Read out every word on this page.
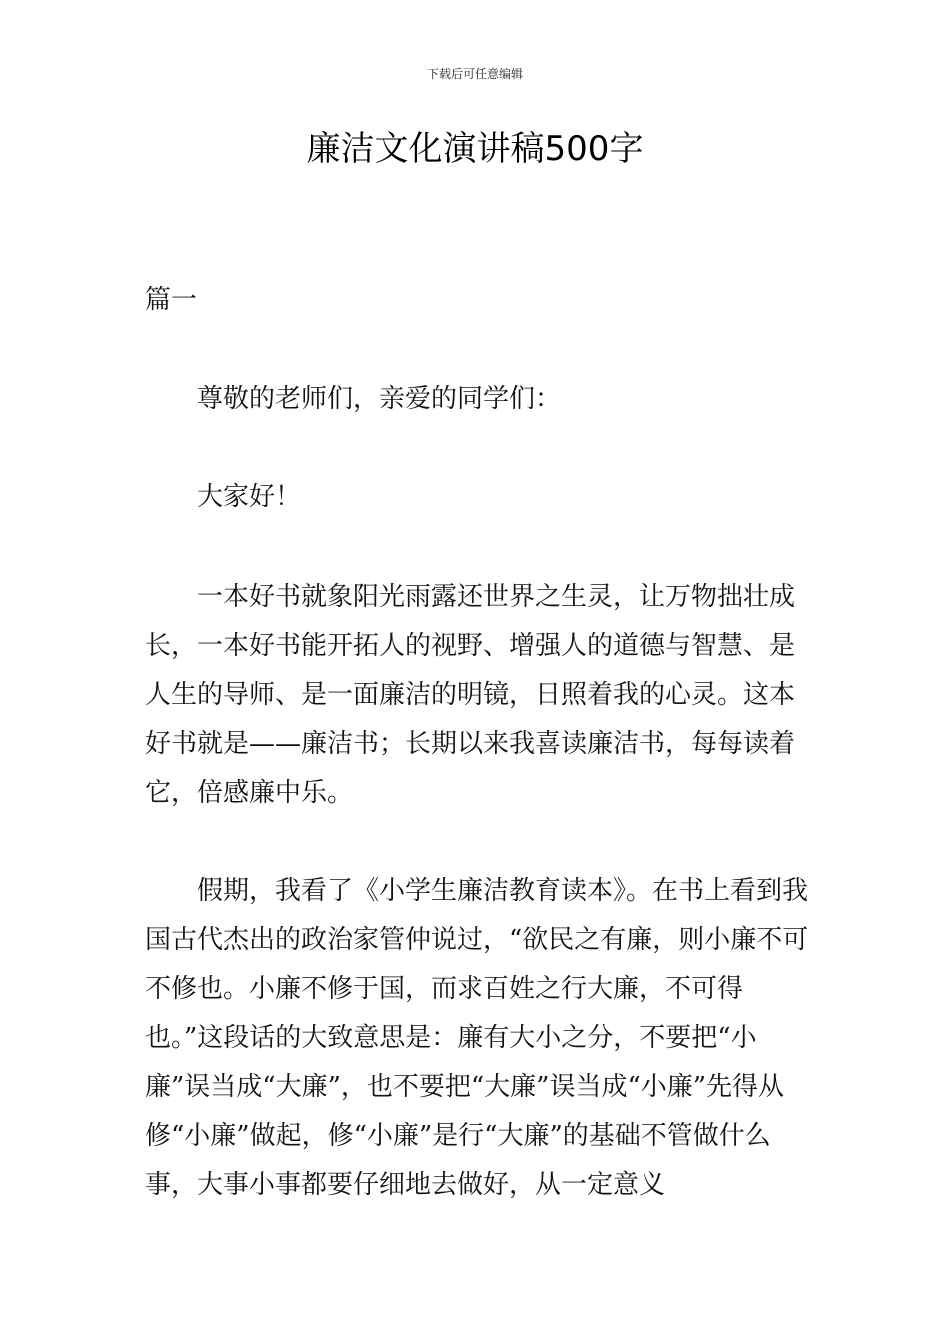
下载后可任意编辑
廉洁文化演讲稿500字
篇一

尊敬的老师们，亲爱的同学们：

大家好！

一本好书就象阳光雨露还世界之生灵，让万物拙壮成长，一本好书能开拓人的视野、增强人的道德与智慧、是人生的导师、是一面廉洁的明镜，日照着我的心灵。这本好书就是——廉洁书；长期以来我喜读廉洁书，每每读着它，倍感廉中乐。

假期，我看了《小学生廉洁教育读本》。在书上看到我国古代杰出的政治家管仲说过，“欲民之有廉，则小廉不可不修也。小廉不修于国，而求百姓之行大廉，不可得也。”这段话的大致意思是：廉有大小之分，不要把“小廉”误当成“大廉”，也不要把“大廉”误当成“小廉”先得从修“小廉”做起，修“小廉”是行“大廉”的基础不管做什么事，大事小事都要仔细地去做好，从一定意义
